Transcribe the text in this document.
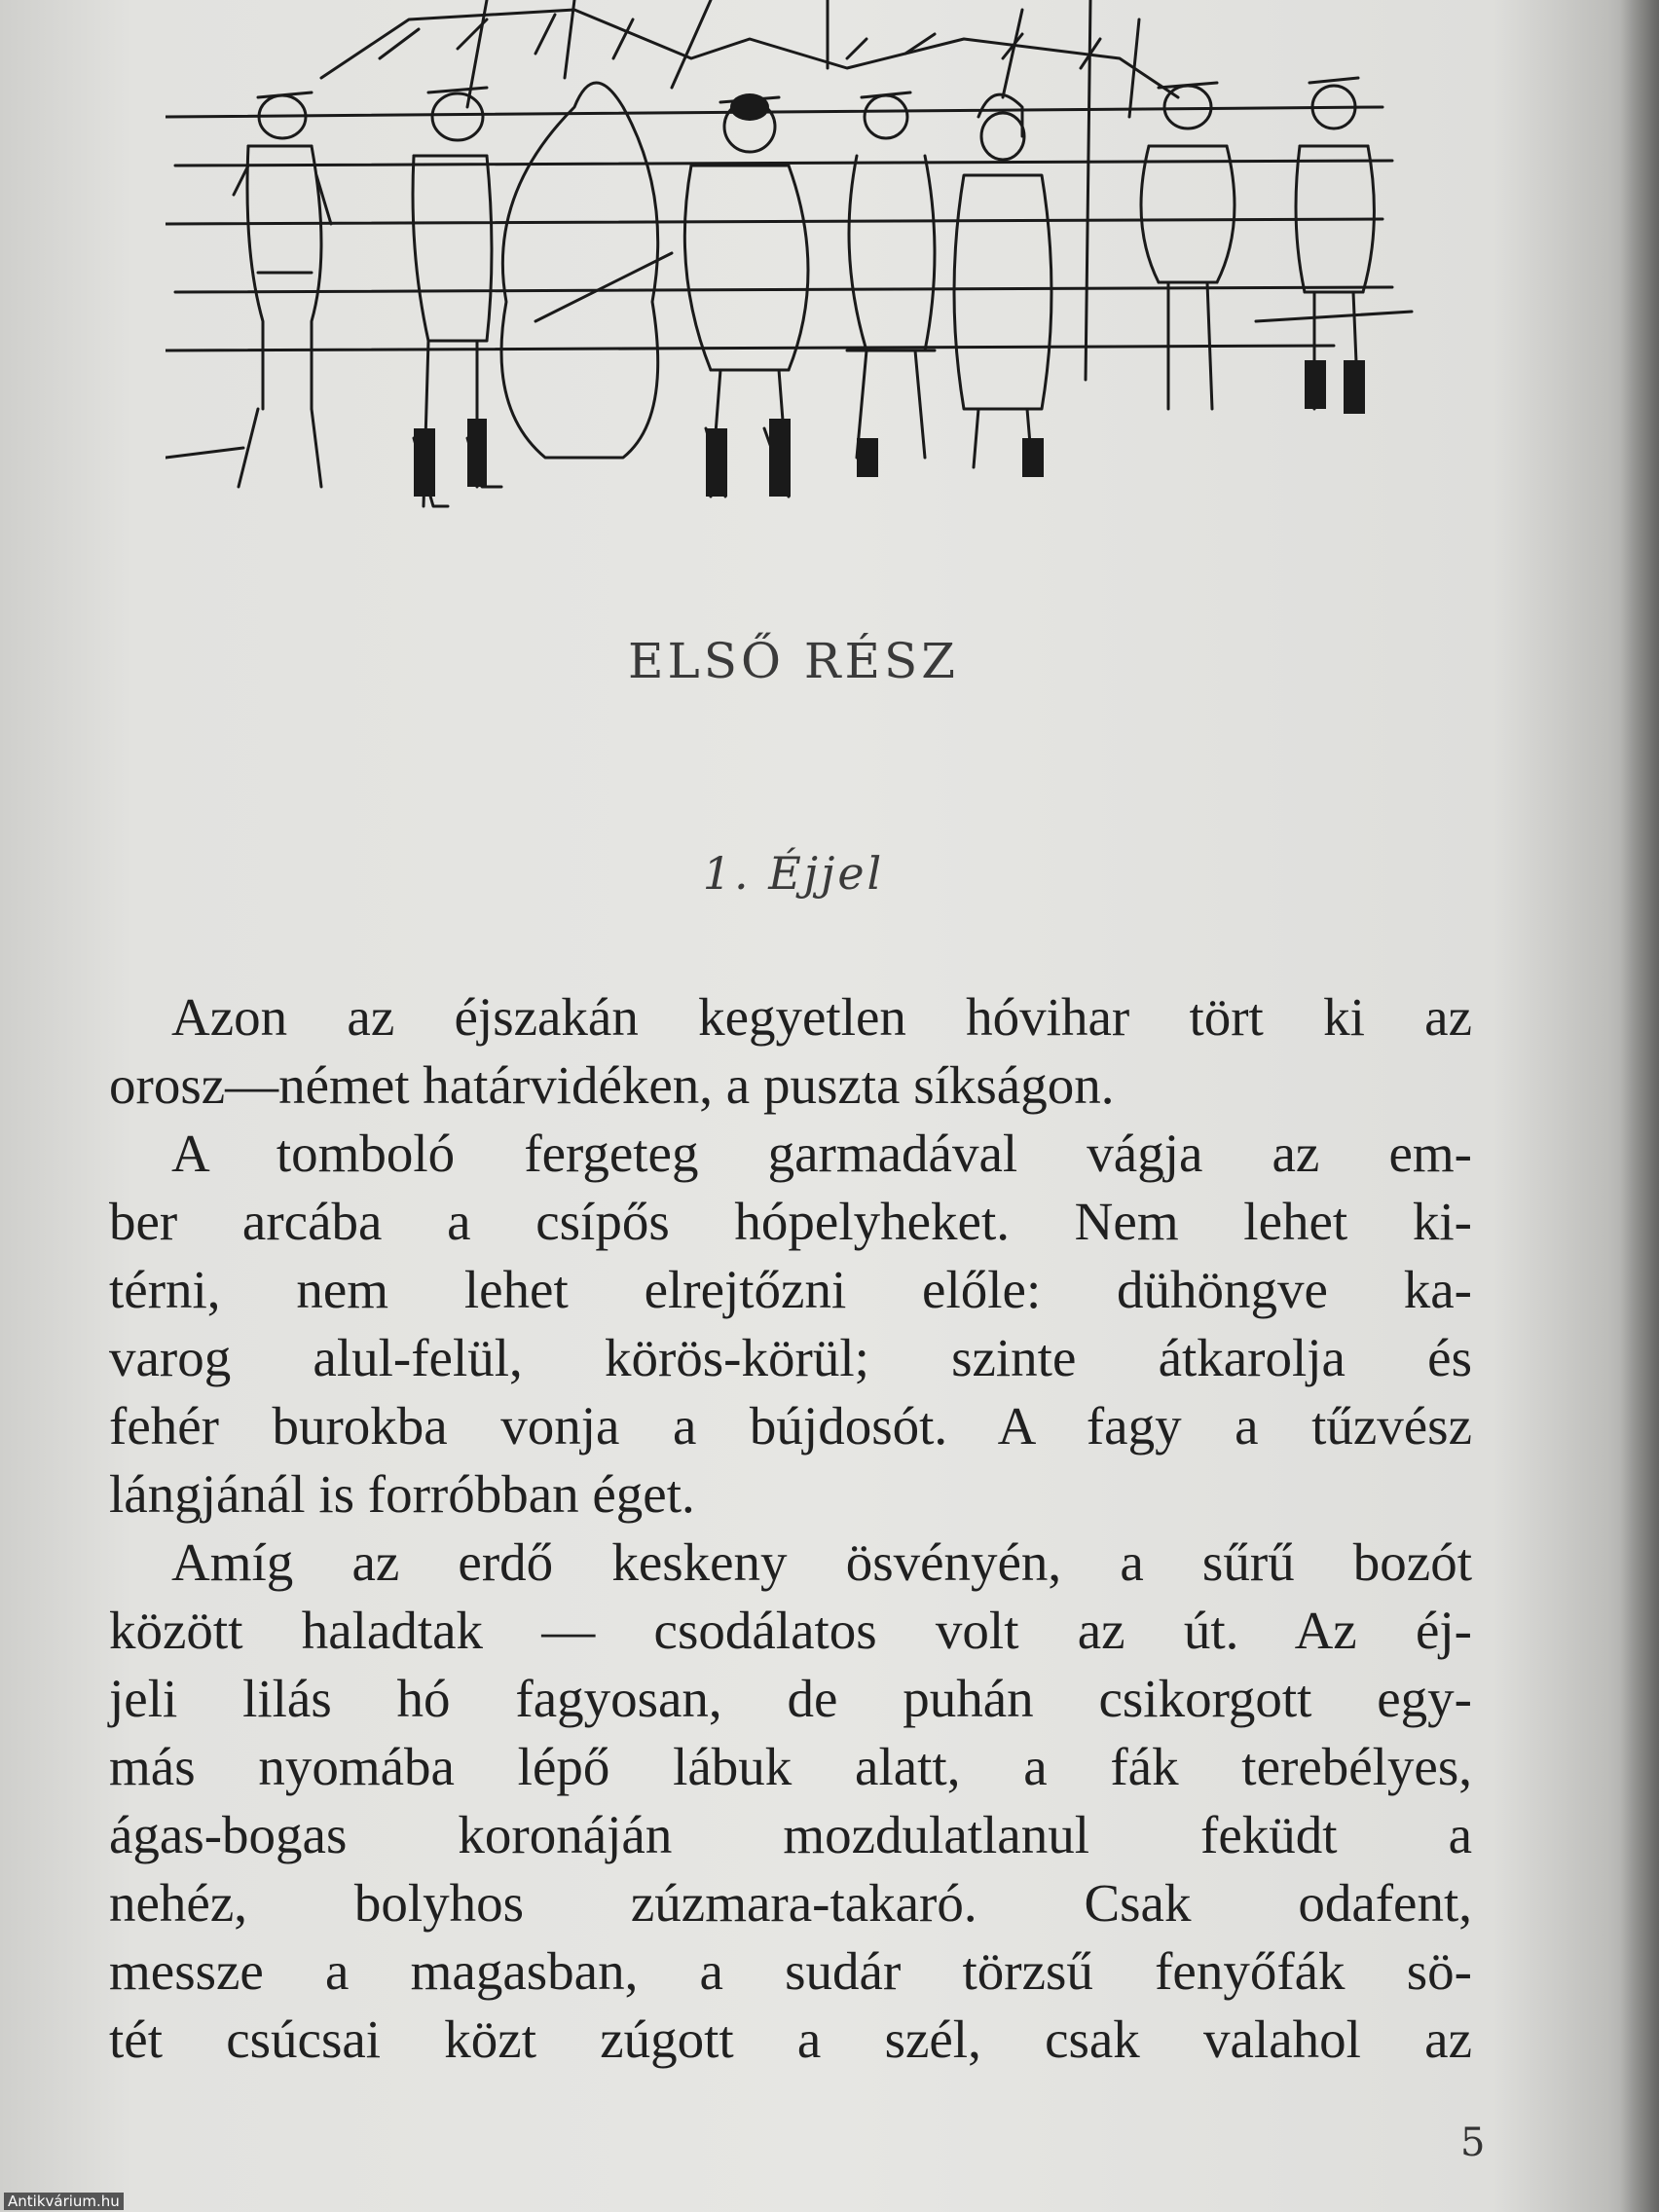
ELSŐ RÉSZ
1. Éjjel
Azon az éjszakán kegyetlen hóvihar tört ki az
orosz—német határvidéken, a puszta síkságon.
A tomboló fergeteg garmadával vágja az em-
ber arcába a csípős hópelyheket. Nem lehet ki-
térni, nem lehet elrejtőzni előle: dühöngve ka-
varog alul-felül, körös-körül; szinte átkarolja és
fehér burokba vonja a bújdosót. A fagy a tűzvész
lángjánál is forróbban éget.
Amíg az erdő keskeny ösvényén, a sűrű bozót
között haladtak — csodálatos volt az út. Az éj-
jeli lilás hó fagyosan, de puhán csikorgott egy-
más nyomába lépő lábuk alatt, a fák terebélyes,
ágas-bogas koronáján mozdulatlanul feküdt a
nehéz, bolyhos zúzmara-takaró. Csak odafent,
messze a magasban, a sudár törzsű fenyőfák sö-
tét csúcsai közt zúgott a szél, csak valahol az
5
Antikvárium.hu
